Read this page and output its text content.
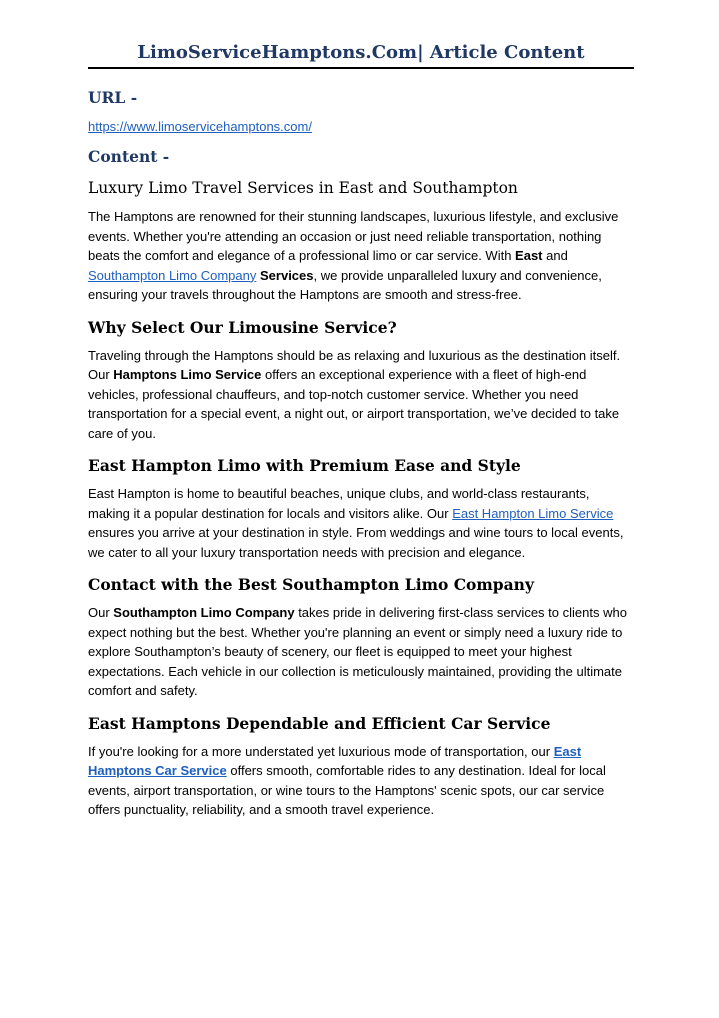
LimoServiceHamptons.Com| Article Content
URL -
https://www.limoservicehamptons.com/
Content -
Luxury Limo Travel Services in East and Southampton

The Hamptons are renowned for their stunning landscapes, luxurious lifestyle, and exclusive events. Whether you're attending an occasion or just need reliable transportation, nothing beats the comfort and elegance of a professional limo or car service. With East and Southampton Limo Company Services, we provide unparalleled luxury and convenience, ensuring your travels throughout the Hamptons are smooth and stress-free.

Why Select Our Limousine Service?

Traveling through the Hamptons should be as relaxing and luxurious as the destination itself. Our Hamptons Limo Service offers an exceptional experience with a fleet of high-end vehicles, professional chauffeurs, and top-notch customer service. Whether you need transportation for a special event, a night out, or airport transportation, we’ve decided to take care of you.

East Hampton Limo with Premium Ease and Style

East Hampton is home to beautiful beaches, unique clubs, and world-class restaurants, making it a popular destination for locals and visitors alike. Our East Hampton Limo Service ensures you arrive at your destination in style. From weddings and wine tours to local events, we cater to all your luxury transportation needs with precision and elegance.

Contact with the Best Southampton Limo Company

Our Southampton Limo Company takes pride in delivering first-class services to clients who expect nothing but the best. Whether you're planning an event or simply need a luxury ride to explore Southampton’s beauty of scenery, our fleet is equipped to meet your highest expectations. Each vehicle in our collection is meticulously maintained, providing the ultimate comfort and safety.

East Hamptons Dependable and Efficient Car Service

If you're looking for a more understated yet luxurious mode of transportation, our East Hamptons Car Service offers smooth, comfortable rides to any destination. Ideal for local events, airport transportation, or wine tours to the Hamptons' scenic spots, our car service offers punctuality, reliability, and a smooth travel experience.
